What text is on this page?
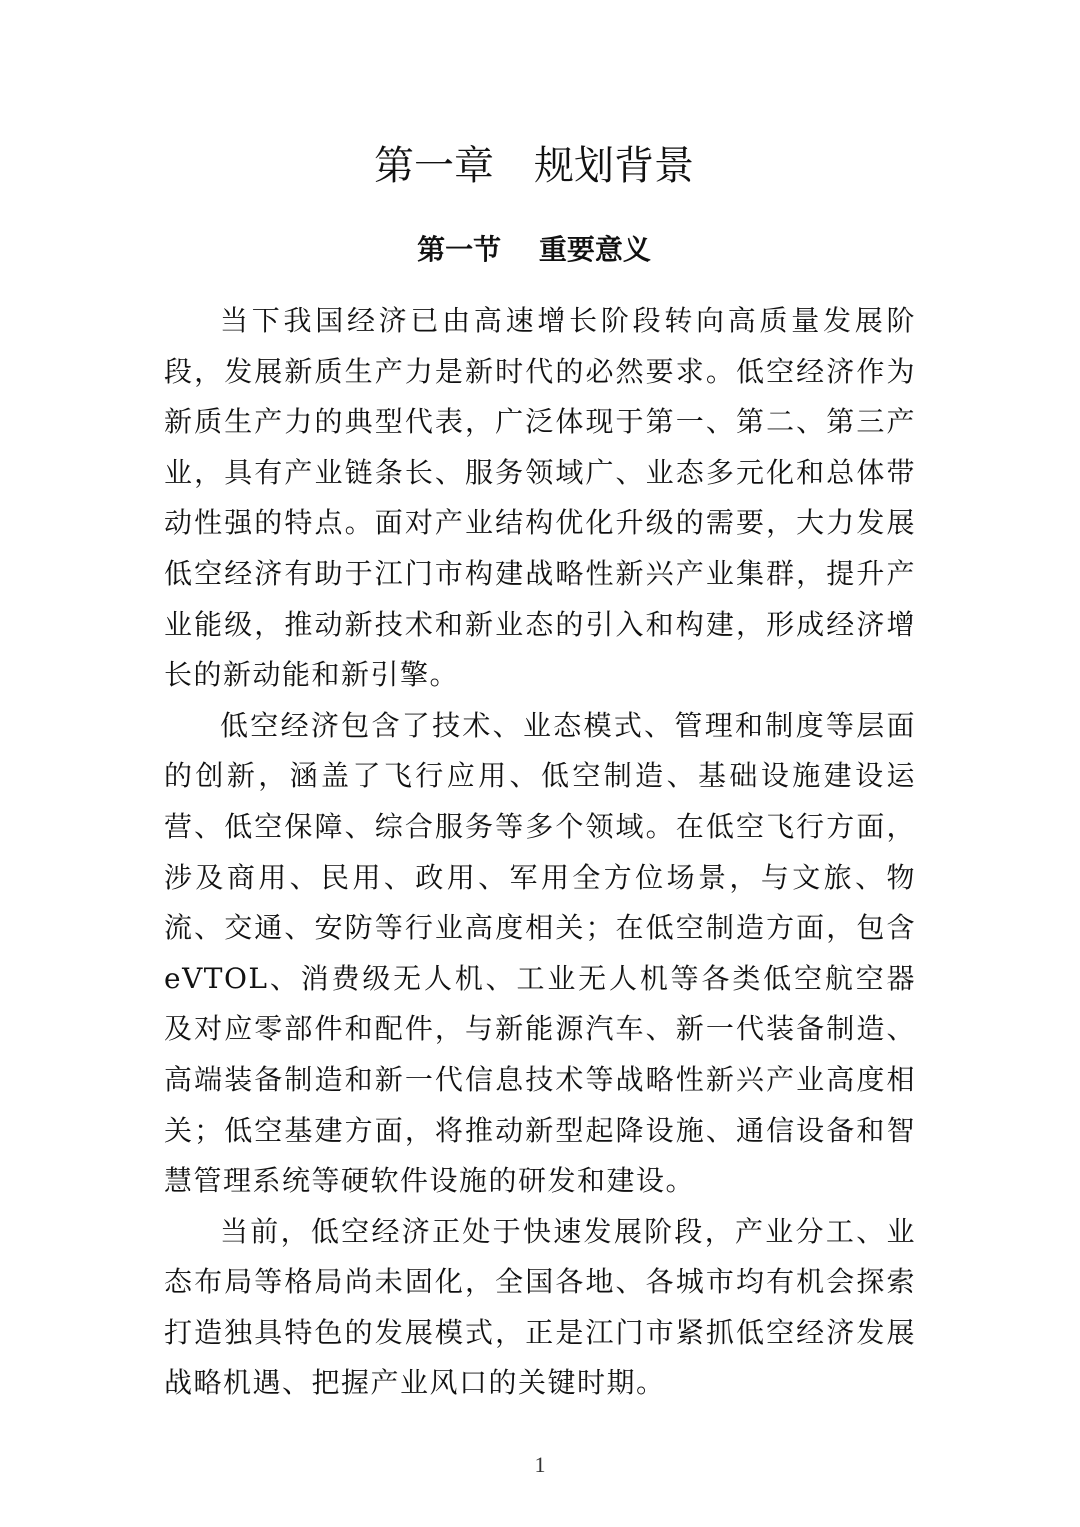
第一章　规划背景
第一节　 重要意义

当下我国经济已由高速增长阶段转向高质量发展阶段，发展新质生产力是新时代的必然要求。低空经济作为新质生产力的典型代表，广泛体现于第一、第二、第三产业，具有产业链条长、服务领域广、业态多元化和总体带动性强的特点。面对产业结构优化升级的需要，大力发展低空经济有助于江门市构建战略性新兴产业集群，提升产业能级，推动新技术和新业态的引入和构建，形成经济增长的新动能和新引擎。

低空经济包含了技术、业态模式、管理和制度等层面的创新，涵盖了飞行应用、低空制造、基础设施建设运营、低空保障、综合服务等多个领域。在低空飞行方面，涉及商用、民用、政用、军用全方位场景，与文旅、物流、交通、安防等行业高度相关；在低空制造方面，包含eVTOL、消费级无人机、工业无人机等各类低空航空器及对应零部件和配件，与新能源汽车、新一代装备制造、高端装备制造和新一代信息技术等战略性新兴产业高度相关；低空基建方面，将推动新型起降设施、通信设备和智慧管理系统等硬软件设施的研发和建设。

当前，低空经济正处于快速发展阶段，产业分工、业态布局等格局尚未固化，全国各地、各城市均有机会探索打造独具特色的发展模式，正是江门市紧抓低空经济发展战略机遇、把握产业风口的关键时期。

1
